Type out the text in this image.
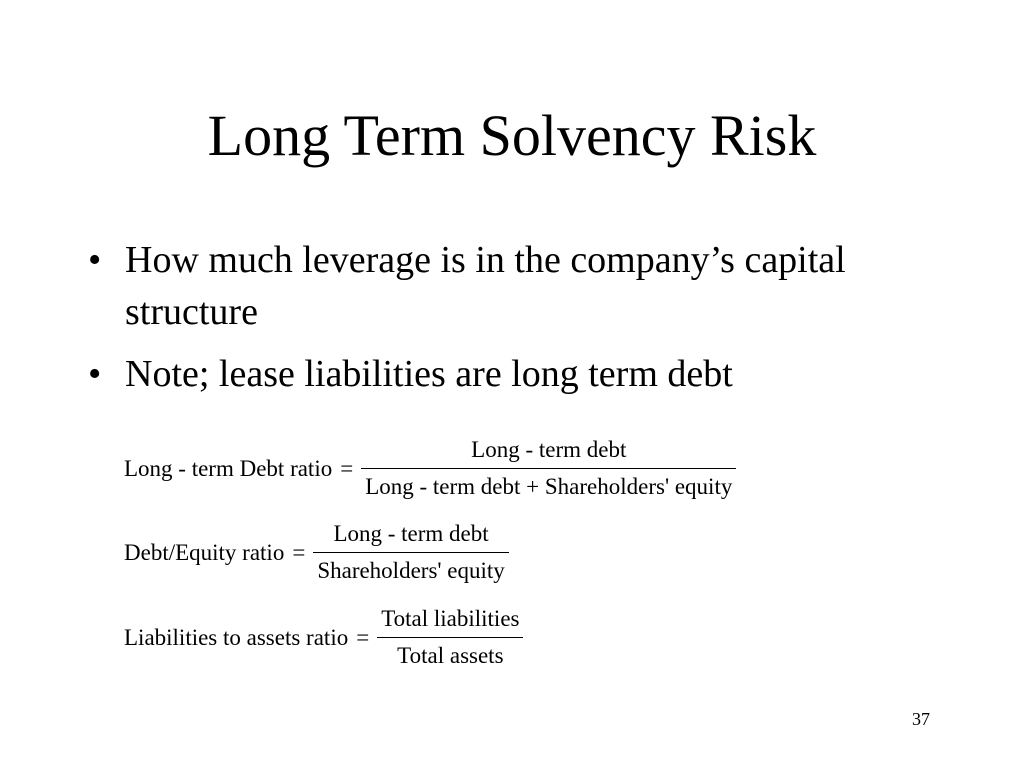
Long Term Solvency Risk
• How much leverage is in the company’s capital structure
• Note; lease liabilities are long term debt
Long - term Debt ratio = $\frac{\text{Long - term debt}}{\text{Long - term debt + Shareholders' equity}}$
Debt/Equity ratio = $\frac{\text{Long - term debt}}{\text{Shareholders' equity}}$
Liabilities to assets ratio = $\frac{\text{Total liabilities}}{\text{Total assets}}$
37
